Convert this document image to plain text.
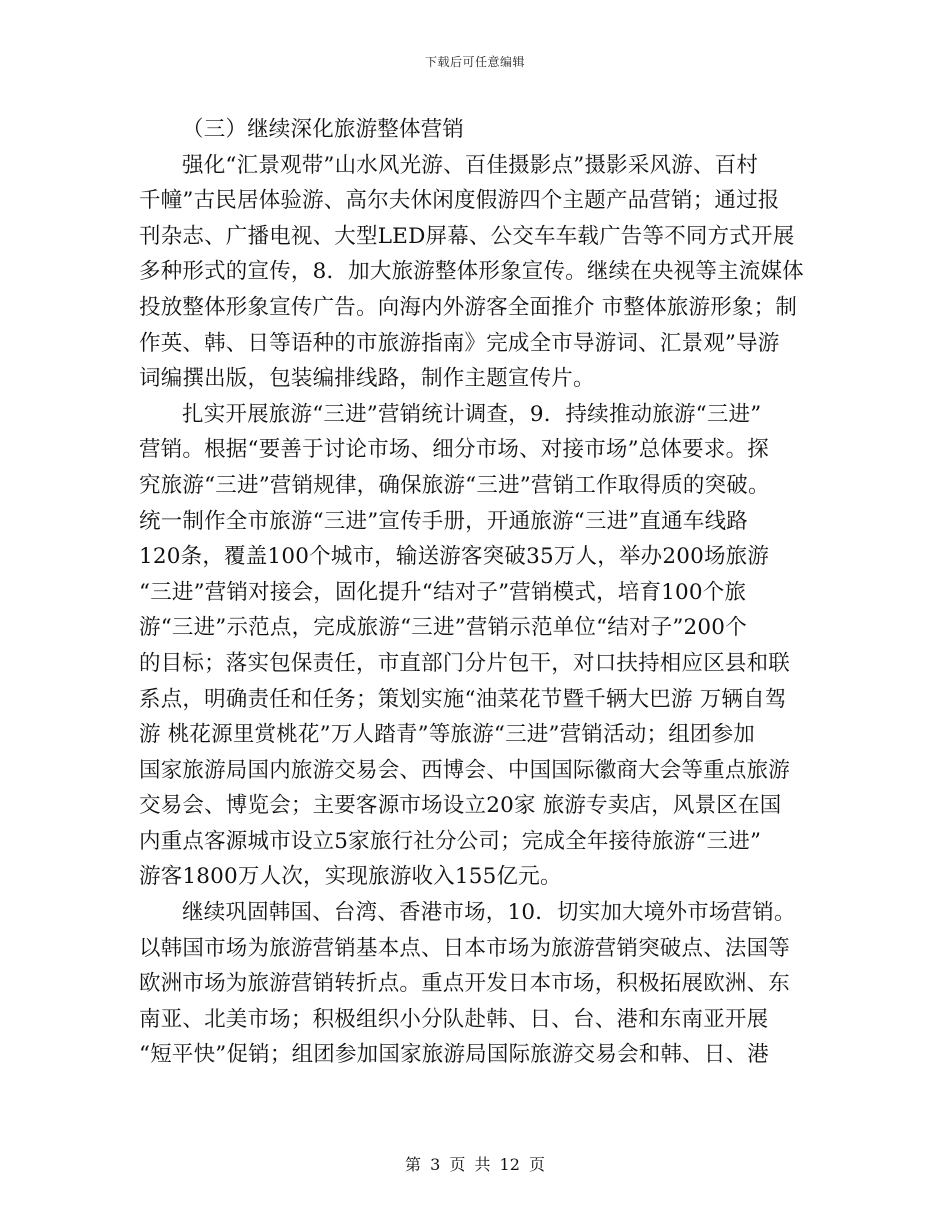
下载后可任意编辑
（三）继续深化旅游整体营销
强化“汇景观带”山水风光游、百佳摄影点”摄影采风游、百村
千幢”古民居体验游、高尔夫休闲度假游四个主题产品营销；通过报
刊杂志、广播电视、大型LED屏幕、公交车车载广告等不同方式开展
多种形式的宣传，8．加大旅游整体形象宣传。继续在央视等主流媒体
投放整体形象宣传广告。向海内外游客全面推介 市整体旅游形象；制
作英、韩、日等语种的市旅游指南》完成全市导游词、汇景观”导游
词编撰出版，包装编排线路，制作主题宣传片。
扎实开展旅游“三进”营销统计调查，9．持续推动旅游“三进”
营销。根据“要善于讨论市场、细分市场、对接市场”总体要求。探
究旅游“三进”营销规律，确保旅游“三进”营销工作取得质的突破。
统一制作全市旅游“三进”宣传手册，开通旅游“三进”直通车线路
120条，覆盖100个城市，输送游客突破35万人，举办200场旅游
“三进”营销对接会，固化提升“结对子”营销模式，培育100个旅
游“三进”示范点，完成旅游“三进”营销示范单位“结对子”200个
的目标；落实包保责任，市直部门分片包干，对口扶持相应区县和联
系点，明确责任和任务；策划实施“油菜花节暨千辆大巴游 万辆自驾
游 桃花源里赏桃花”万人踏青”等旅游“三进”营销活动；组团参加
国家旅游局国内旅游交易会、西博会、中国国际徽商大会等重点旅游
交易会、博览会；主要客源市场设立20家 旅游专卖店，风景区在国
内重点客源城市设立5家旅行社分公司；完成全年接待旅游“三进”
游客1800万人次，实现旅游收入155亿元。
继续巩固韩国、台湾、香港市场，10．切实加大境外市场营销。
以韩国市场为旅游营销基本点、日本市场为旅游营销突破点、法国等
欧洲市场为旅游营销转折点。重点开发日本市场，积极拓展欧洲、东
南亚、北美市场；积极组织小分队赴韩、日、台、港和东南亚开展
“短平快”促销；组团参加国家旅游局国际旅游交易会和韩、日、港
第 3 页 共 12 页
